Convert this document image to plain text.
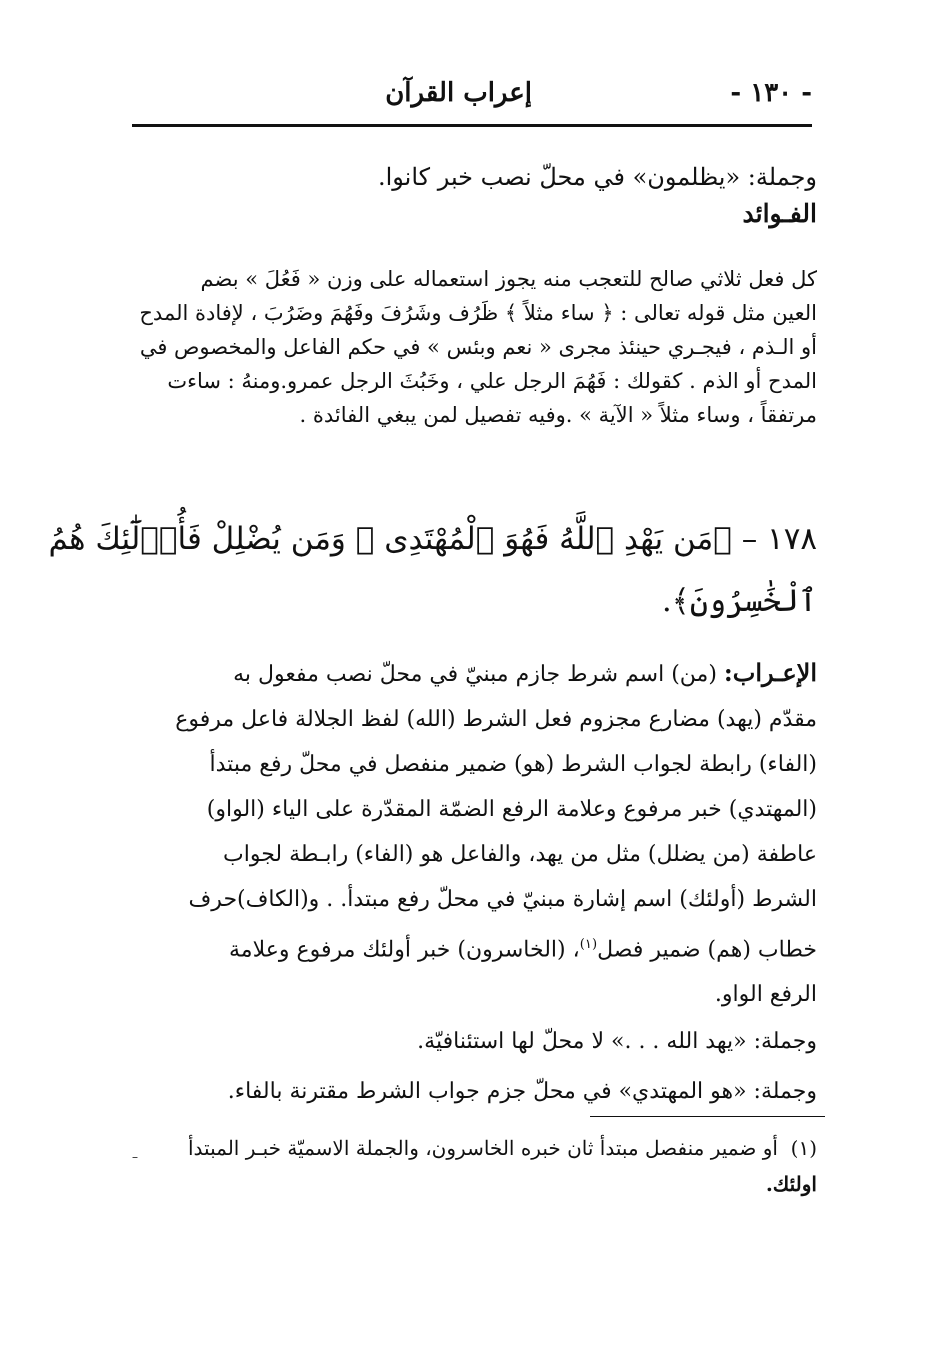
- ١٣٠ -
إعراب القرآن
وجملة: «يظلمون» في محلّ نصب خبر كانوا.
الفـوائد
كل فعل ثلاثي صالح للتعجب منه يجوز استعماله على وزن « فَعُلَ » بضم
العين مثل قوله تعالى : ﴿ ساء مثلاً ﴾ ظَرُف وشَرُفَ وفَهُمَ وضَرُبَ ، لإفادة المدح
أو الـذم ، فيجـري حينئذ مجرى « نعم وبئس » في حكم الفاعل والمخصوص في
المدح أو الذم . كقولك : فَهُمَ الرجل علي ، وخَبُثَ الرجل عمرو.ومنهُ : ساءت
مرتفقاً ، وساء مثلاً « الآية » .وفيه تفصيل لمن يبغي الفائدة .
١٧٨ – ﴿مَن يَهْدِ ٱللَّهُ فَهُوَ ٱلْمُهْتَدِى ۖ وَمَن يُضْلِلْ فَأُو۟لَٰٓئِكَ هُمُ
ٱلْخَٰسِرُونَ﴾.
الإعـراب: (من) اسم شرط جازم مبنيّ في محلّ نصب مفعول به
مقدّم (يهد) مضارع مجزوم فعل الشرط (الله) لفظ الجلالة فاعل مرفوع
(الفاء) رابطة لجواب الشرط (هو) ضمير منفصل في محلّ رفع مبتدأ
(المهتدي) خبر مرفوع وعلامة الرفع الضمّة المقدّرة على الياء (الواو)
عاطفة (من يضلل) مثل من يهد، والفاعل هو (الفاء) رابـطة لجواب
الشرط (أولئك) اسم إشارة مبنيّ في محلّ رفع مبتدأ. . و(الكاف)حرف
خطاب (هم) ضمير فصل$^{(١)}$، (الخاسرون) خبر أولئك مرفوع وعلامة
الرفع الواو.
وجملة: «يهد الله . . .» لا محلّ لها استئنافيّة.
وجملة: «هو المهتدي» في محلّ جزم جواب الشرط مقترنة بالفاء.
–	(١)  أو ضمير منفصل مبتدأ ثان خبره الخاسرون، والجملة الاسميّة خبـر المبتدأ
اولئك.
